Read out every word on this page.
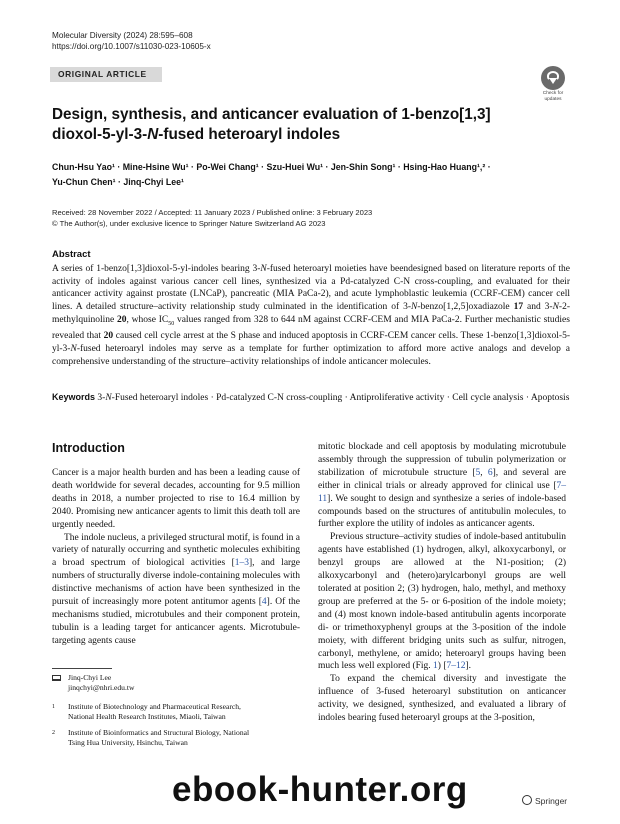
Molecular Diversity (2024) 28:595–608
https://doi.org/10.1007/s11030-023-10605-x
ORIGINAL ARTICLE
Check for
updates
Design, synthesis, and anticancer evaluation of 1-benzo[1,3]
dioxol-5-yl-3-N-fused heteroaryl indoles
Chun-Hsu Yao¹ · Mine-Hsine Wu¹ · Po-Wei Chang¹ · Szu-Huei Wu¹ · Jen-Shin Song¹ · Hsing-Hao Huang¹,² ·
Yu-Chun Chen¹ · Jinq-Chyi Lee¹
Received: 28 November 2022 / Accepted: 11 January 2023 / Published online: 3 February 2023
© The Author(s), under exclusive licence to Springer Nature Switzerland AG 2023
Abstract

A series of 1-benzo[1,3]dioxol-5-yl-indoles bearing 3-N-fused heteroaryl moieties have beendesigned based on literature reports of the activity of indoles against various cancer cell lines, synthesized via a Pd-catalyzed C-N cross-coupling, and evaluated for their anticancer activity against prostate (LNCaP), pancreatic (MIA PaCa-2), and acute lymphoblastic leukemia (CCRF-CEM) cancer cell lines. A detailed structure–activity relationship study culminated in the identification of 3-N-benzo[1,2,5]oxadiazole 17 and 3-N-2-methylquinoline 20, whose $IC_{50}$ values ranged from 328 to 644 nM against CCRF-CEM and MIA PaCa-2. Further mechanistic studies revealed that 20 caused cell cycle arrest at the S phase and induced apoptosis in CCRF-CEM cancer cells. These 1-benzo[1,3]dioxol-5-yl-3-N-fused heteroaryl indoles may serve as a template for further optimization to afford more active analogs and develop a comprehensive understanding of the structure–activity relationships of indole anticancer molecules.

Keywords 3-N-Fused heteroaryl indoles · Pd-catalyzed C-N cross-coupling · Antiproliferative activity · Cell cycle analysis · Apoptosis

Introduction

Cancer is a major health burden and has been a leading cause of death worldwide for several decades, accounting for 9.5 million deaths in 2018, a number projected to rise to 16.4 million by 2040. Promising new anticancer agents to limit this death toll are urgently needed.

The indole nucleus, a privileged structural motif, is found in a variety of naturally occurring and synthetic molecules exhibiting a broad spectrum of biological activities [1–3], and large numbers of structurally diverse indole-containing molecules with distinctive mechanisms of action have been synthesized in the pursuit of increasingly more potent antitumor agents [4]. Of the mechanisms studied, microtubules and their component protein, tubulin is a leading target for anticancer agents. Microtubule-targeting agents cause

mitotic blockade and cell apoptosis by modulating microtubule assembly through the suppression of tubulin polymerization or stabilization of microtubule structure [5, 6], and several are either in clinical trials or already approved for clinical use [7–11]. We sought to design and synthesize a series of indole-based compounds based on the structures of antitubulin molecules, to further explore the utility of indoles as anticancer agents.

Previous structure–activity studies of indole-based antitubulin agents have established (1) hydrogen, alkyl, alkoxycarbonyl, or benzyl groups are allowed at the N1-position; (2) alkoxycarbonyl and (hetero)arylcarbonyl groups are well tolerated at position 2; (3) hydrogen, halo, methyl, and methoxy group are preferred at the 5- or 6-position of the indole moiety; and (4) most known indole-based antitubulin agents incorporate di- or trimethoxyphenyl groups at the 3-position of the indole moiety, with different bridging units such as sulfur, nitrogen, carbonyl, methylene, or amido; heteroaryl groups having been much less well explored (Fig. 1) [7–12].

To expand the chemical diversity and investigate the influence of 3-fused heteroaryl substitution on anticancer activity, we designed, synthesized, and evaluated a library of indoles bearing fused heteroaryl groups at the 3-position,

Jinq-Chyi Lee
jinqchyi@nhri.edu.tw
1 Institute of Biotechnology and Pharmaceutical Research,
National Health Research Institutes, Miaoli, Taiwan
2 Institute of Bioinformatics and Structural Biology, National
Tsing Hua University, Hsinchu, Taiwan
ebook-hunter.org	Springer
